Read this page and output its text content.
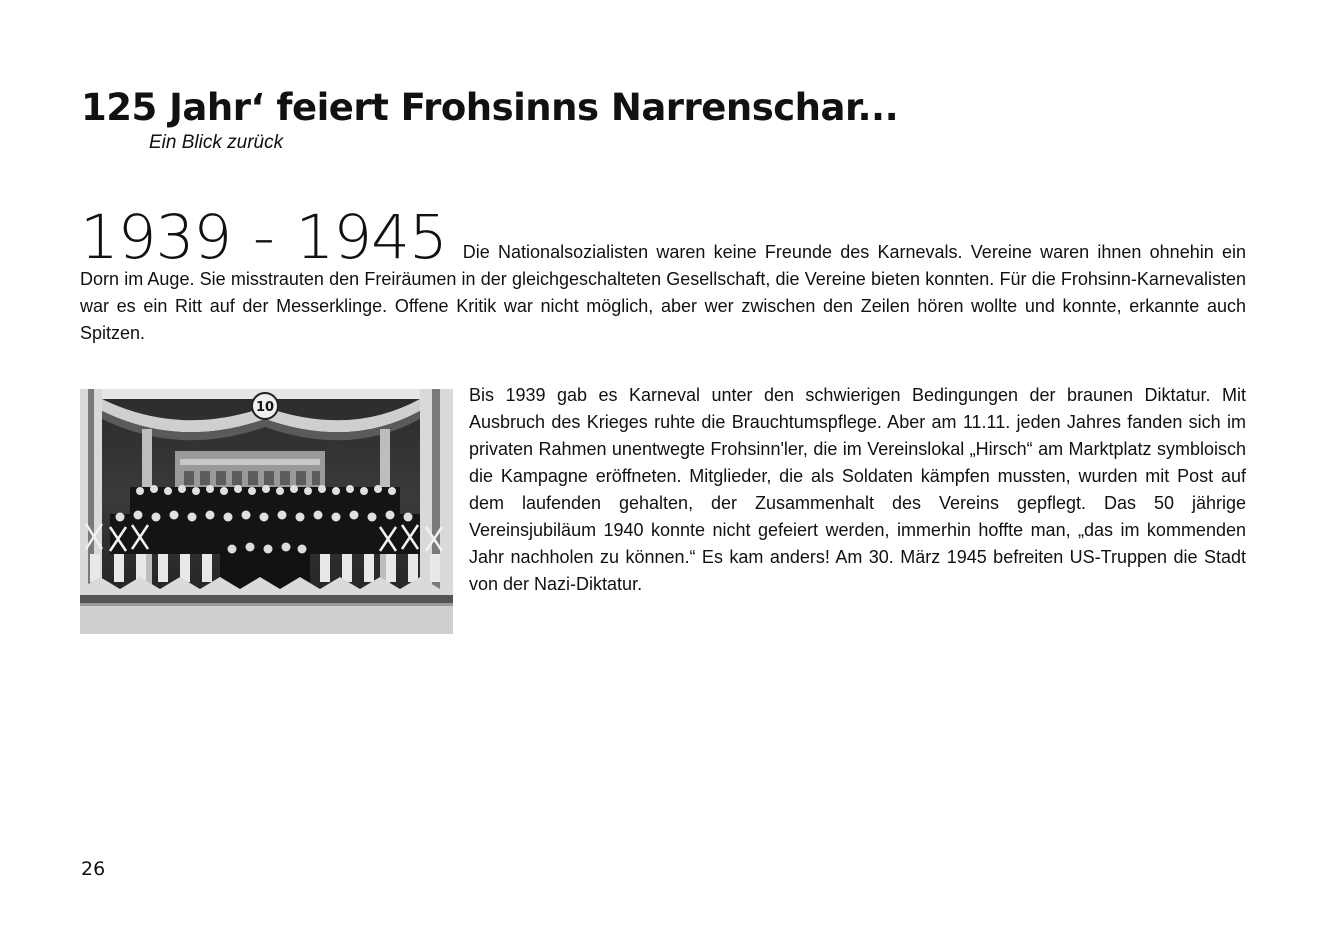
125 Jahr‘ feiert Frohsinns Narrenschar...

Ein Blick zurück

1939 - 1945 Die Nationalsozialisten waren keine Freunde des Karnevals. Vereine waren ihnen ohnehin ein Dorn im Auge. Sie misstrauten den Freiräumen in der gleichgeschalteten Gesellschaft, die Vereine bieten konnten. Für die Frohsinn-Karnevalisten war es ein Ritt auf der Messerklinge. Offene Kritik war nicht möglich, aber wer zwischen den Zeilen hören wollte und konnte, erkannte auch Spitzen.

10

Bis 1939 gab es Karneval unter den schwierigen Bedingungen der braunen Diktatur. Mit Ausbruch des Krieges ruhte die Brauchtumspflege. Aber am 11.11. jeden Jahres fanden sich im privaten Rahmen unentwegte Frohsinn'ler, die im Vereinslokal „Hirsch“ am Marktplatz symbloisch die Kampagne eröffneten. Mitglieder, die als Soldaten kämpfen mussten, wurden mit Post auf dem laufenden gehalten, der Zusammenhalt des Vereins gepflegt. Das 50 jährige Vereinsjubiläum 1940 konnte nicht gefeiert werden, immerhin hoffte man, „das im kommenden Jahr nachholen zu können.“ Es kam anders! Am 30. März 1945 befreiten US-Truppen die Stadt von der Nazi-Diktatur.

26
